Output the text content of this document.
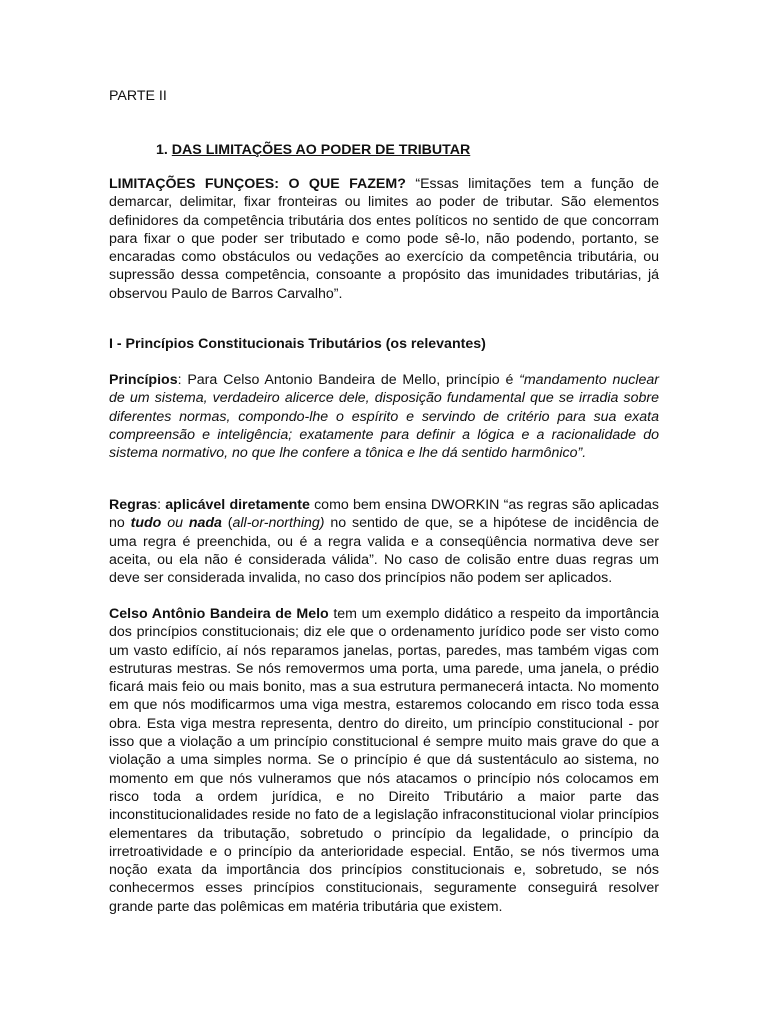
PARTE II
1. DAS LIMITAÇÕES AO PODER DE TRIBUTAR

LIMITAÇÕES FUNÇOES: O QUE FAZEM? “Essas limitações tem a função de demarcar, delimitar, fixar fronteiras ou limites ao poder de tributar. São elementos definidores da competência tributária dos entes políticos no sentido de que concorram para fixar o que poder ser tributado e como pode sê-lo, não podendo, portanto, se encaradas como obstáculos ou vedações ao exercício da competência tributária, ou supressão dessa competência, consoante a propósito das imunidades tributárias, já observou Paulo de Barros Carvalho”.

I - Princípios Constitucionais Tributários (os relevantes)

Princípios: Para Celso Antonio Bandeira de Mello, princípio é “mandamento nuclear de um sistema, verdadeiro alicerce dele, disposição fundamental que se irradia sobre diferentes normas, compondo-lhe o espírito e servindo de critério para sua exata compreensão e inteligência; exatamente para definir a lógica e a racionalidade do sistema normativo, no que lhe confere a tônica e lhe dá sentido harmônico”.

Regras: aplicável diretamente como bem ensina DWORKIN “as regras são aplicadas no tudo ou nada (all-or-northing) no sentido de que, se a hipótese de incidência de uma regra é preenchida, ou é a regra valida e a conseqüência normativa deve ser aceita, ou ela não é considerada válida”. No caso de colisão entre duas regras um deve ser considerada invalida, no caso dos princípios não podem ser aplicados.

Celso Antônio Bandeira de Melo tem um exemplo didático a respeito da importância dos princípios constitucionais; diz ele que o ordenamento jurídico pode ser visto como um vasto edifício, aí nós reparamos janelas, portas, paredes, mas também vigas com estruturas mestras. Se nós removermos uma porta, uma parede, uma janela, o prédio ficará mais feio ou mais bonito, mas a sua estrutura permanecerá intacta. No momento em que nós modificarmos uma viga mestra, estaremos colocando em risco toda essa obra. Esta viga mestra representa, dentro do direito, um princípio constitucional - por isso que a violação a um princípio constitucional é sempre muito mais grave do que a violação a uma simples norma. Se o princípio é que dá sustentáculo ao sistema, no momento em que nós vulneramos que nós atacamos o princípio nós colocamos em risco toda a ordem jurídica, e no Direito Tributário a maior parte das inconstitucionalidades reside no fato de a legislação infraconstitucional violar princípios elementares da tributação, sobretudo o princípio da legalidade, o princípio da irretroatividade e o princípio da anterioridade especial. Então, se nós tivermos uma noção exata da importância dos princípios constitucionais e, sobretudo, se nós conhecermos esses princípios constitucionais, seguramente conseguirá resolver grande parte das polêmicas em matéria tributária que existem.
